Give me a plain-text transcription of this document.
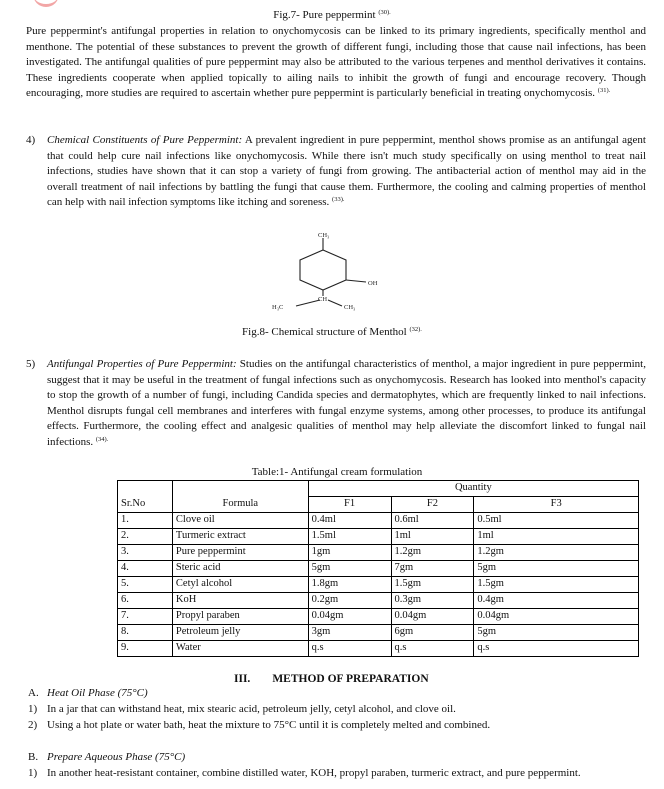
Fig.7- Pure peppermint $^{(30).}$
Pure peppermint's antifungal properties in relation to onychomycosis can be linked to its primary ingredients, specifically menthol and menthone. The potential of these substances to prevent the growth of different fungi, including those that cause nail infections, has been investigated. The antifungal qualities of pure peppermint may also be attributed to the various terpenes and menthol derivatives it contains. These ingredients cooperate when applied topically to ailing nails to inhibit the growth of fungi and encourage recovery. Though encouraging, more studies are required to ascertain whether pure peppermint is particularly beneficial in treating onychomycosis. $^{(31).}$
4) Chemical Constituents of Pure Peppermint: A prevalent ingredient in pure peppermint, menthol shows promise as an antifungal agent that could help cure nail infections like onychomycosis. While there isn't much study specifically on using menthol to treat nail infections, studies have shown that it can stop a variety of fungi from growing. The antibacterial action of menthol may aid in the overall treatment of nail infections by battling the fungi that cause them. Furthermore, the cooling and calming properties of menthol can help with nail infection symptoms like itching and soreness. $^{(33).}$
CH₃
OH
CH
H₃C	CH₃
Fig.8- Chemical structure of Menthol $^{(32).}$
5) Antifungal Properties of Pure Peppermint: Studies on the antifungal characteristics of menthol, a major ingredient in pure peppermint, suggest that it may be useful in the treatment of fungal infections such as onychomycosis. Research has looked into menthol's capacity to stop the growth of a number of fungi, including Candida species and dermatophytes, which are frequently linked to nail infections. Menthol disrupts fungal cell membranes and interferes with fungal enzyme systems, among other processes, to produce its antifungal effects. Furthermore, the cooling effect and analgesic qualities of menthol may help alleviate the discomfort linked to fungal nail infections. $^{(34).}$
Table:1- Antifungal cream formulation
		Quantity		
Sr.No	Formula	F1	F2	F3
1.	Clove oil	0.4ml	0.6ml	0.5ml
2.	Turmeric extract	1.5ml	1ml	1ml
3.	Pure peppermint	1gm	1.2gm	1.2gm
4.	Steric acid	5gm	7gm	5gm
5.	Cetyl alcohol	1.8gm	1.5gm	1.5gm
6.	KoH	0.2gm	0.3gm	0.4gm
7.	Propyl paraben	0.04gm	0.04gm	0.04gm
8.	Petroleum jelly	3gm	6gm	5gm
9.	Water	q.s	q.s	q.s
III. METHOD OF PREPARATION
A. Heat Oil Phase (75°C)
1) In a jar that can withstand heat, mix stearic acid, petroleum jelly, cetyl alcohol, and clove oil.
2) Using a hot plate or water bath, heat the mixture to 75°C until it is completely melted and combined.
B. Prepare Aqueous Phase (75°C)
1) In another heat-resistant container, combine distilled water, KOH, propyl paraben, turmeric extract, and pure peppermint.
